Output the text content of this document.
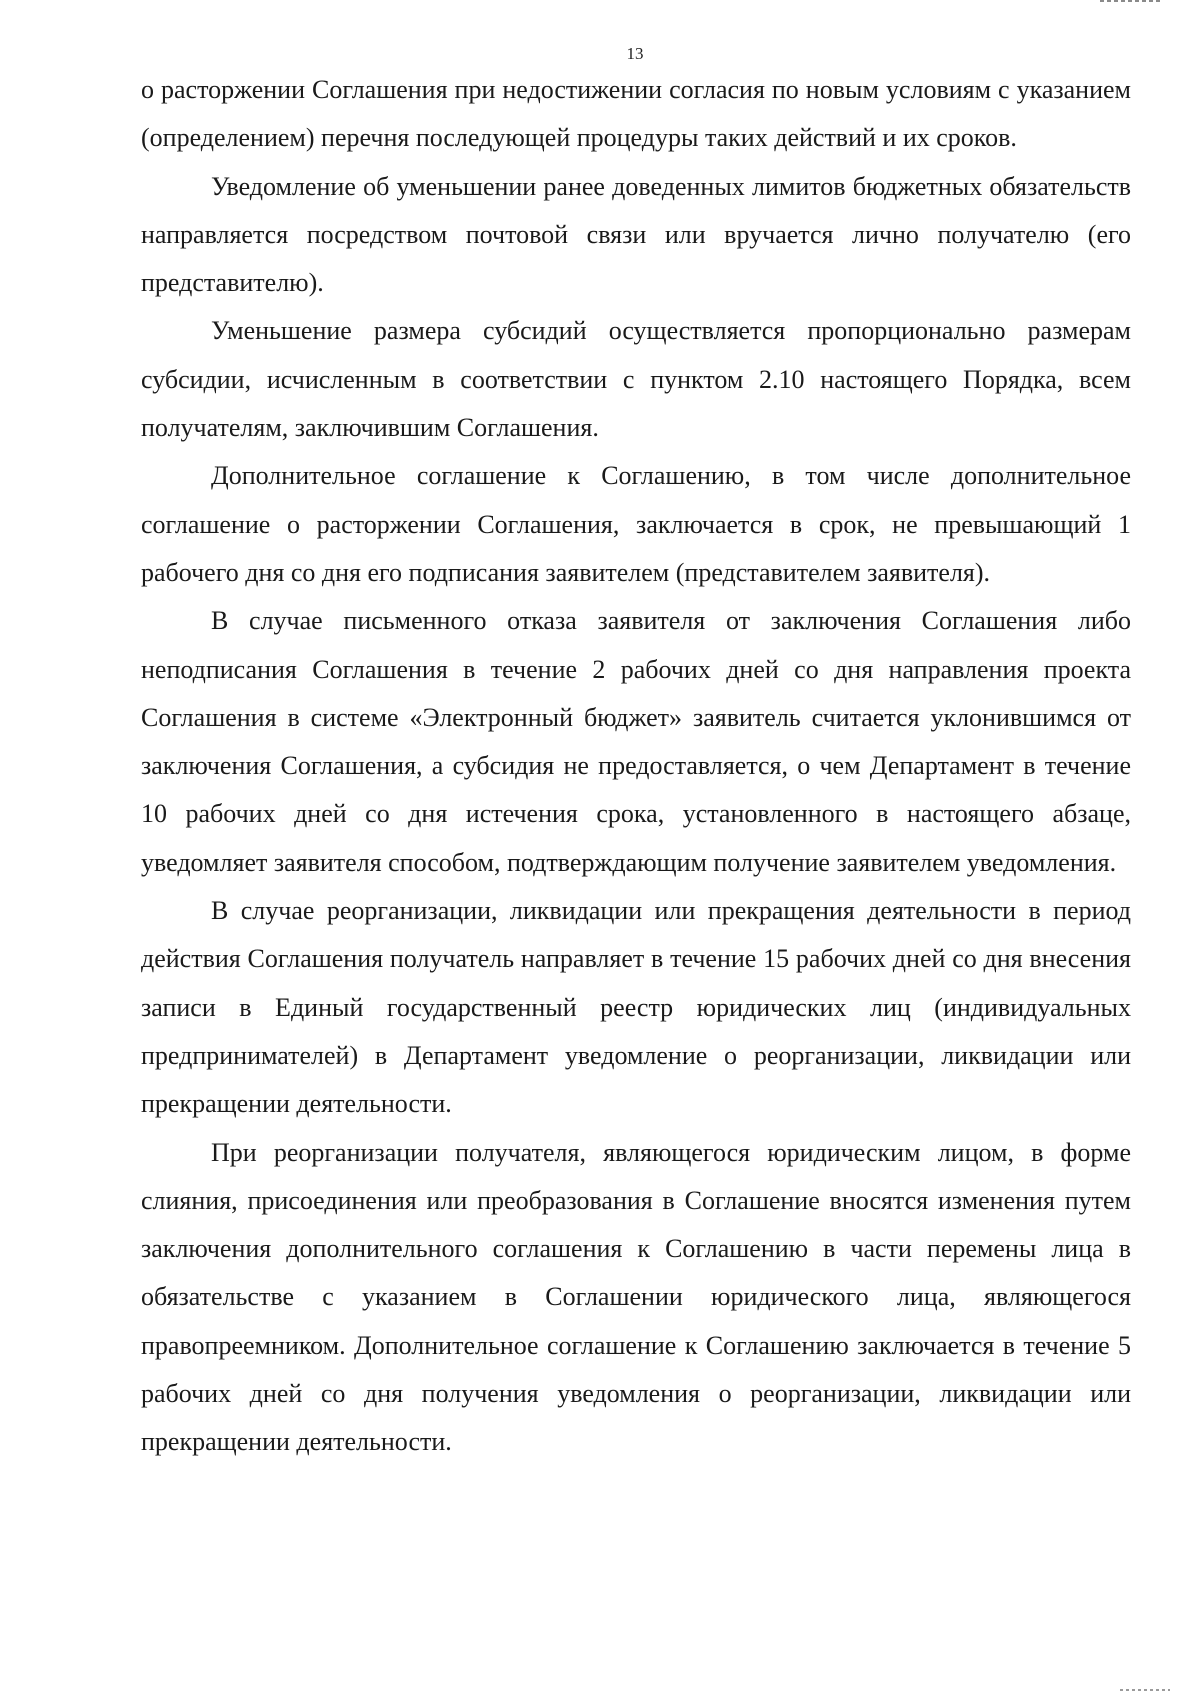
13

о расторжении Соглашения при недостижении согласия по новым условиям с указанием (определением) перечня последующей процедуры таких действий и их сроков.

Уведомление об уменьшении ранее доведенных лимитов бюджетных обязательств направляется посредством почтовой связи или вручается лично получателю (его представителю).

Уменьшение размера субсидий осуществляется пропорционально размерам субсидии, исчисленным в соответствии с пунктом 2.10 настоящего Порядка, всем получателям, заключившим Соглашения.

Дополнительное соглашение к Соглашению, в том числе дополнительное соглашение о расторжении Соглашения, заключается в срок, не превышающий 1 рабочего дня со дня его подписания заявителем (представителем заявителя).

В случае письменного отказа заявителя от заключения Соглашения либо неподписания Соглашения в течение 2 рабочих дней со дня направления проекта Соглашения в системе «Электронный бюджет» заявитель считается уклонившимся от заключения Соглашения, а субсидия не предоставляется, о чем Департамент в течение 10 рабочих дней со дня истечения срока, установленного в настоящего абзаце, уведомляет заявителя способом, подтверждающим получение заявителем уведомления.

В случае реорганизации, ликвидации или прекращения деятельности в период действия Соглашения получатель направляет в течение 15 рабочих дней со дня внесения записи в Единый государственный реестр юридических лиц (индивидуальных предпринимателей) в Департамент уведомление о реорганизации, ликвидации или прекращении деятельности.

При реорганизации получателя, являющегося юридическим лицом, в форме слияния, присоединения или преобразования в Соглашение вносятся изменения путем заключения дополнительного соглашения к Соглашению в части перемены лица в обязательстве с указанием в Соглашении юридического лица, являющегося правопреемником. Дополнительное соглашение к Соглашению заключается в течение 5 рабочих дней со дня получения уведомления о реорганизации, ликвидации или прекращении деятельности.
